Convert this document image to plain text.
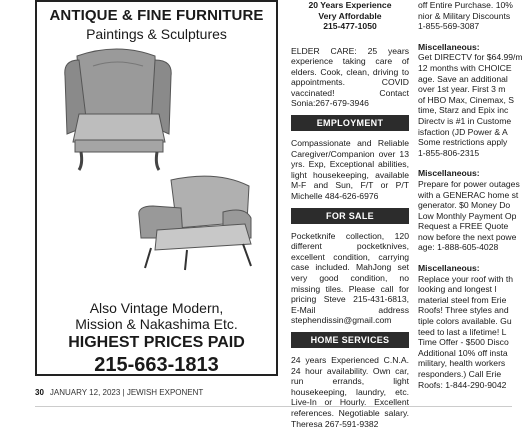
ANTIQUE & FINE FURNITURE
Paintings & Sculptures
Also Vintage Modern,
Mission & Nakashima Etc.
HIGHEST PRICES PAID
215-663-1813
20 Years Experience
Very Affordable
215-477-1050

ELDER CARE: 25 years experience taking care of elders. Cook, clean, driving to appointments. COVID vaccinated! Contact Sonia:267-679-3946

EMPLOYMENT

Compassionate and Reliable Caregiver/Companion over 13 yrs. Exp, Exceptional abilities, light housekeeping, available M-F and Sun, F/T or P/T Michelle 484-626-6976

FOR SALE

Pocketknife collection, 120 different pocketknives, excellent condition, carrying case included. MahJong set very good condition, no missing tiles. Please call for pricing Steve 215-431-6813, E-Mail address stephendissin@gmail.com

HOME SERVICES

24 years Experienced C.N.A. 24 hour availability. Own car, run errands, light housekeeping, laundry, etc. Live-In or Hourly. Excellent references. Negotiable salary. Theresa 267-591-9382

off Entire Purchase. 10%
nior & Military Discounts
1-855-569-3087
Miscellaneous:
Get DIRECTV for $64.99/m
12 months with CHOICE
age. Save an additional
over 1st year. First 3 m
of HBO Max, Cinemax, S
time, Starz and Epix inc
Directv is #1 in Custome
isfaction (JD Power & A
Some restrictions apply
1-855-806-2315
Miscellaneous:
Prepare for power outages
with a GENERAC home st
generator. $0 Money Do
Low Monthly Payment Op
Request a FREE Quote
now before the next powe
age: 1-888-605-4028
Miscellaneous:
Replace your roof with th
looking and longest l
material steel from Erie
Roofs! Three styles and
tiple colors available. Gu
teed to last a lifetime! L
Time Offer - $500 Disco
Additional 10% off insta
military, health workers
responders.) Call Erie
Roofs: 1-844-290-9042
30 JANUARY 12, 2023 | JEWISH EXPONENT
